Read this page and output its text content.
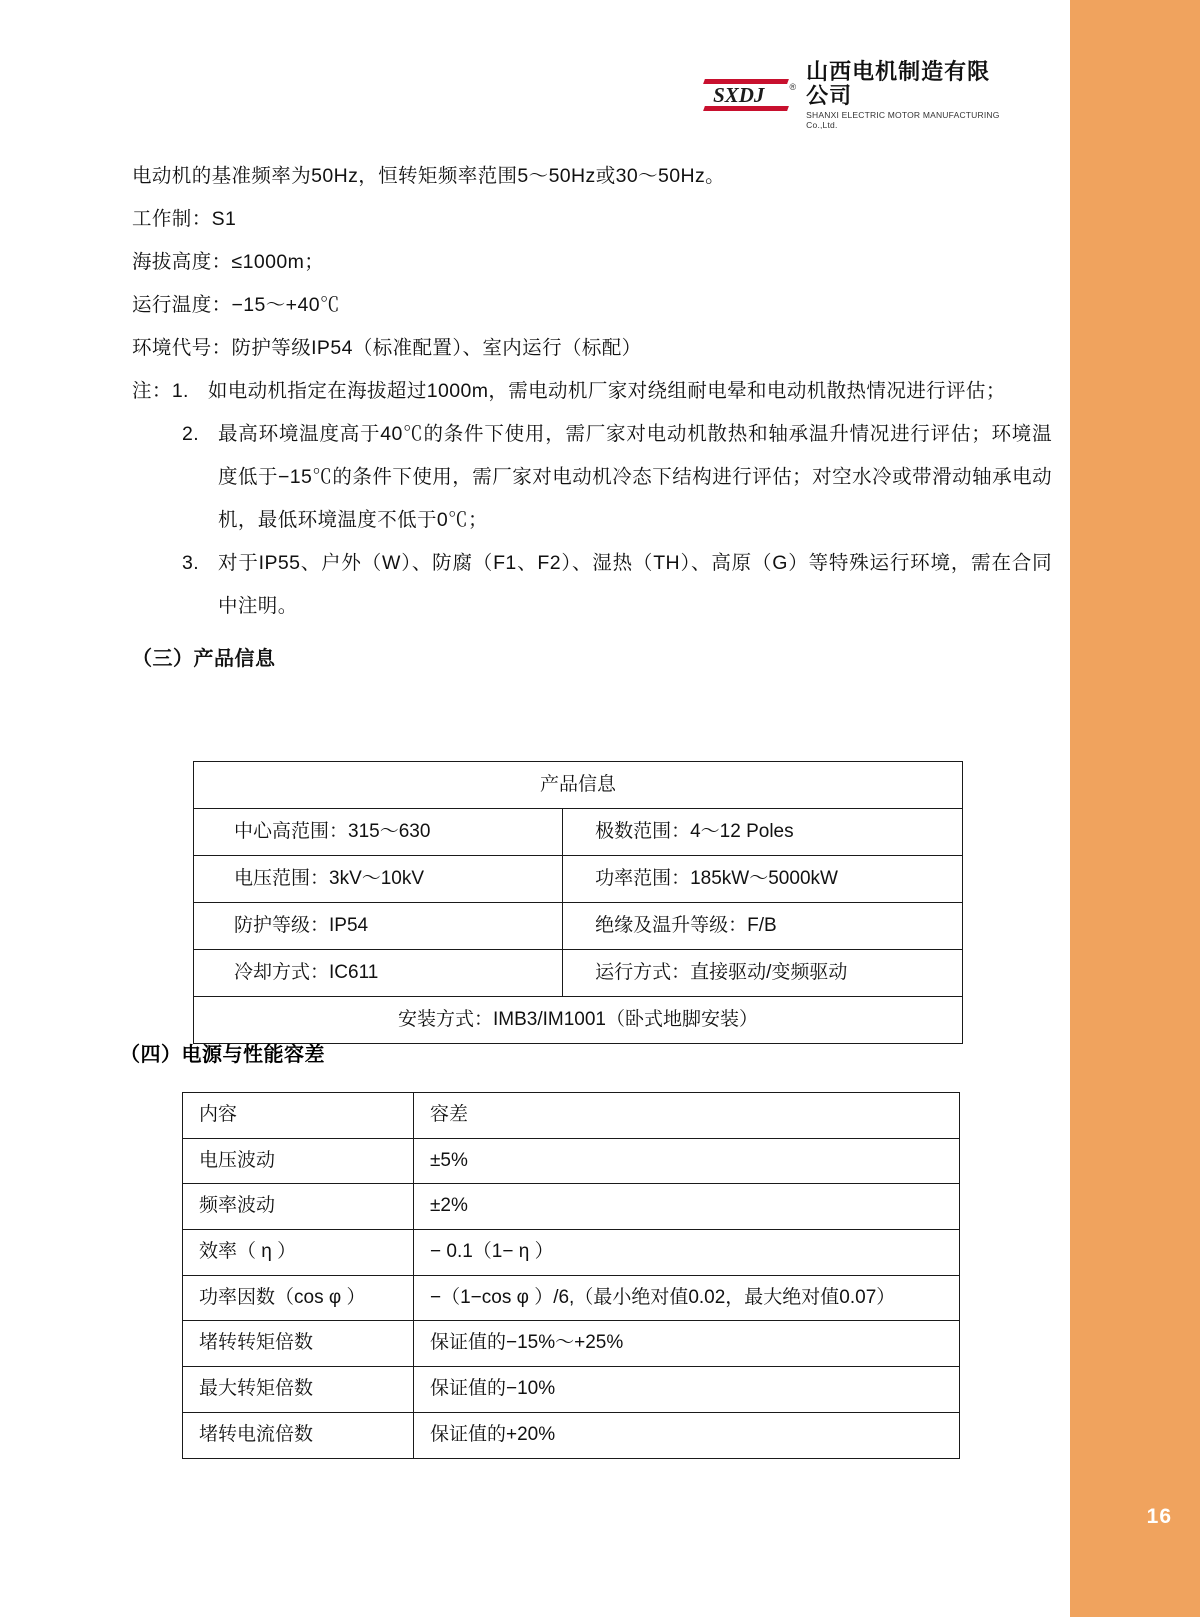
16
SXDJ	®
山西电机制造有限公司
SHANXI ELECTRIC MOTOR MANUFACTURING Co.,Ltd.
电动机的基准频率为50Hz，恒转矩频率范围5～50Hz或30～50Hz。
工作制：S1
海拔高度：≤1000m；
运行温度：−15～+40℃
环境代号：防护等级IP54（标准配置）、室内运行（标配）
注： 1. 如电动机指定在海拔超过1000m，需电动机厂家对绕组耐电晕和电动机散热情况进行评估；
2. 最高环境温度高于40℃的条件下使用，需厂家对电动机散热和轴承温升情况进行评估；环境温度低于−15℃的条件下使用，需厂家对电动机冷态下结构进行评估；对空水冷或带滑动轴承电动机，最低环境温度不低于0℃；
3. 对于IP55、户外（W）、防腐（F1、F2）、湿热（TH）、高原（G）等特殊运行环境，需在合同中注明。
（三）产品信息
产品信息	
中心高范围：315～630	极数范围：4～12 Poles
电压范围：3kV～10kV	功率范围：185kW～5000kW
防护等级：IP54	绝缘及温升等级：F/B
冷却方式：IC611	运行方式：直接驱动/变频驱动
安装方式：IMB3/IM1001（卧式地脚安装）	
（四）电源与性能容差
内容	容差
电压波动	±5%
频率波动	±2%
效率（ η ）	− 0.1（1− η ）
功率因数（cos φ ）	−（1−cos φ ）/6,（最小绝对值0.02，最大绝对值0.07）
堵转转矩倍数	保证值的−15%～+25%
最大转矩倍数	保证值的−10%
堵转电流倍数	保证值的+20%
